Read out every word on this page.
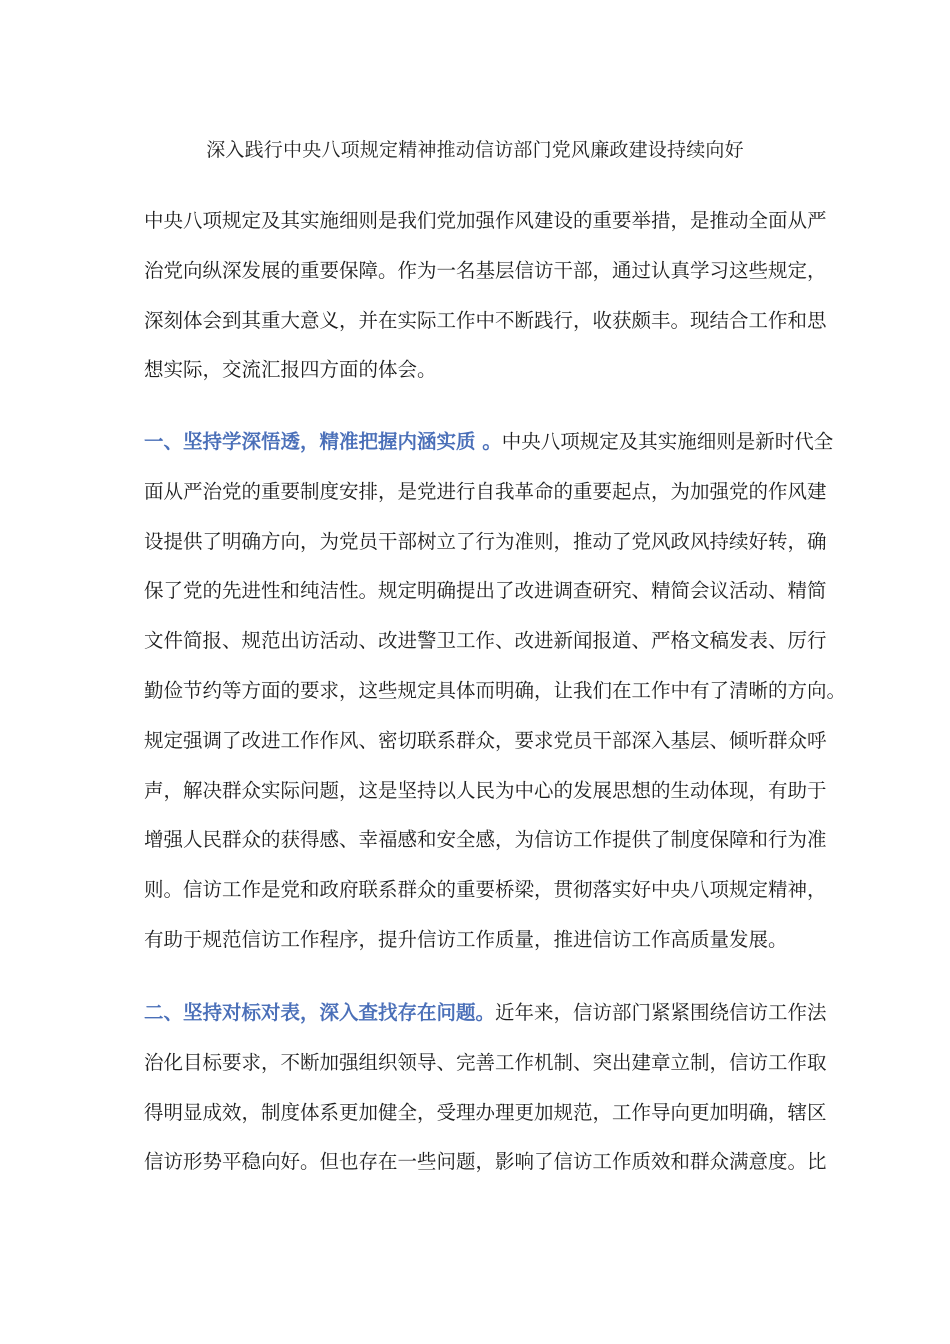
深入践行中央八项规定精神推动信访部门党风廉政建设持续向好
中央八项规定及其实施细则是我们党加强作风建设的重要举措，是推动全面从严
治党向纵深发展的重要保障。作为一名基层信访干部，通过认真学习这些规定，
深刻体会到其重大意义，并在实际工作中不断践行，收获颇丰。现结合工作和思
想实际，交流汇报四方面的体会。
一、坚持学深悟透，精准把握内涵实质 。中央八项规定及其实施细则是新时代全
面从严治党的重要制度安排，是党进行自我革命的重要起点，为加强党的作风建
设提供了明确方向，为党员干部树立了行为准则，推动了党风政风持续好转，确
保了党的先进性和纯洁性。规定明确提出了改进调查研究、精简会议活动、精简
文件简报、规范出访活动、改进警卫工作、改进新闻报道、严格文稿发表、厉行
勤俭节约等方面的要求，这些规定具体而明确，让我们在工作中有了清晰的方向。
规定强调了改进工作作风、密切联系群众，要求党员干部深入基层、倾听群众呼
声，解决群众实际问题，这是坚持以人民为中心的发展思想的生动体现，有助于
增强人民群众的获得感、幸福感和安全感，为信访工作提供了制度保障和行为准
则。信访工作是党和政府联系群众的重要桥梁，贯彻落实好中央八项规定精神，
有助于规范信访工作程序，提升信访工作质量，推进信访工作高质量发展。
二、坚持对标对表，深入查找存在问题。近年来，信访部门紧紧围绕信访工作法
治化目标要求，不断加强组织领导、完善工作机制、突出建章立制，信访工作取
得明显成效，制度体系更加健全，受理办理更加规范，工作导向更加明确，辖区
信访形势平稳向好。但也存在一些问题，影响了信访工作质效和群众满意度。比
